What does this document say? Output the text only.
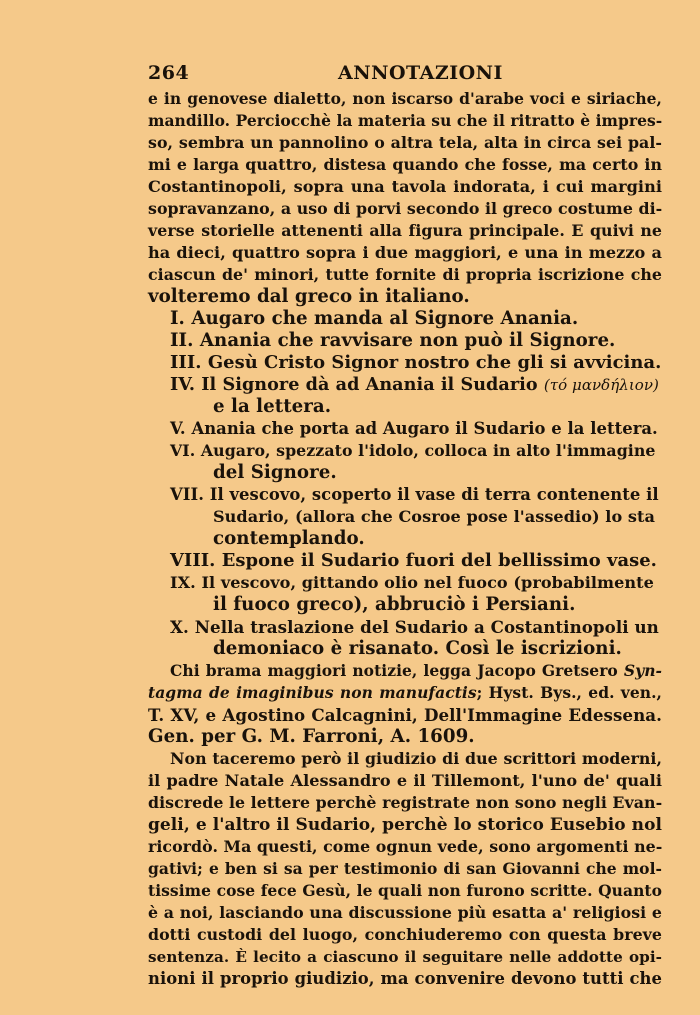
264	ANNOTAZIONI
e in genovese dialetto, non iscarso d'arabe voci e siriache,
mandillo. Perciocchè la materia su che il ritratto è impres-
so, sembra un pannolino o altra tela, alta in circa sei pal-
mi e larga quattro, distesa quando che fosse, ma certo in
Costantinopoli, sopra una tavola indorata, i cui margini
sopravanzano, a uso di porvi secondo il greco costume di-
verse storielle attenenti alla figura principale. E quivi ne
ha dieci, quattro sopra i due maggiori, e una in mezzo a
ciascun de' minori, tutte fornite di propria iscrizione che
volteremo dal greco in italiano.
I. Augaro che manda al Signore Anania.
II. Anania che ravvisare non può il Signore.
III. Gesù Cristo Signor nostro che gli si avvicina.
IV. Il Signore dà ad Anania il Sudario (τό μανδήλιον)
e la lettera.
V. Anania che porta ad Augaro il Sudario e la lettera.
VI. Augaro, spezzato l'idolo, colloca in alto l'immagine
del Signore.
VII. Il vescovo, scoperto il vase di terra contenente il
Sudario, (allora che Cosroe pose l'assedio) lo sta
contemplando.
VIII. Espone il Sudario fuori del bellissimo vase.
IX. Il vescovo, gittando olio nel fuoco (probabilmente
il fuoco greco), abbruciò i Persiani.
X. Nella traslazione del Sudario a Costantinopoli un
demoniaco è risanato. Così le iscrizioni.
Chi brama maggiori notizie, legga Jacopo Gretsero Syn-
tagma de imaginibus non manufactis; Hyst. Bys., ed. ven.,
T. XV, e Agostino Calcagnini, Dell'Immagine Edessena.
Gen. per G. M. Farroni, A. 1609.
Non taceremo però il giudizio di due scrittori moderni,
il padre Natale Alessandro e il Tillemont, l'uno de' quali
discrede le lettere perchè registrate non sono negli Evan-
geli, e l'altro il Sudario, perchè lo storico Eusebio nol
ricordò. Ma questi, come ognun vede, sono argomenti ne-
gativi; e ben si sa per testimonio di san Giovanni che mol-
tissime cose fece Gesù, le quali non furono scritte. Quanto
è a noi, lasciando una discussione più esatta a' religiosi e
dotti custodi del luogo, conchiuderemo con questa breve
sentenza. È lecito a ciascuno il seguitare nelle addotte opi-
nioni il proprio giudizio, ma convenire devono tutti che
